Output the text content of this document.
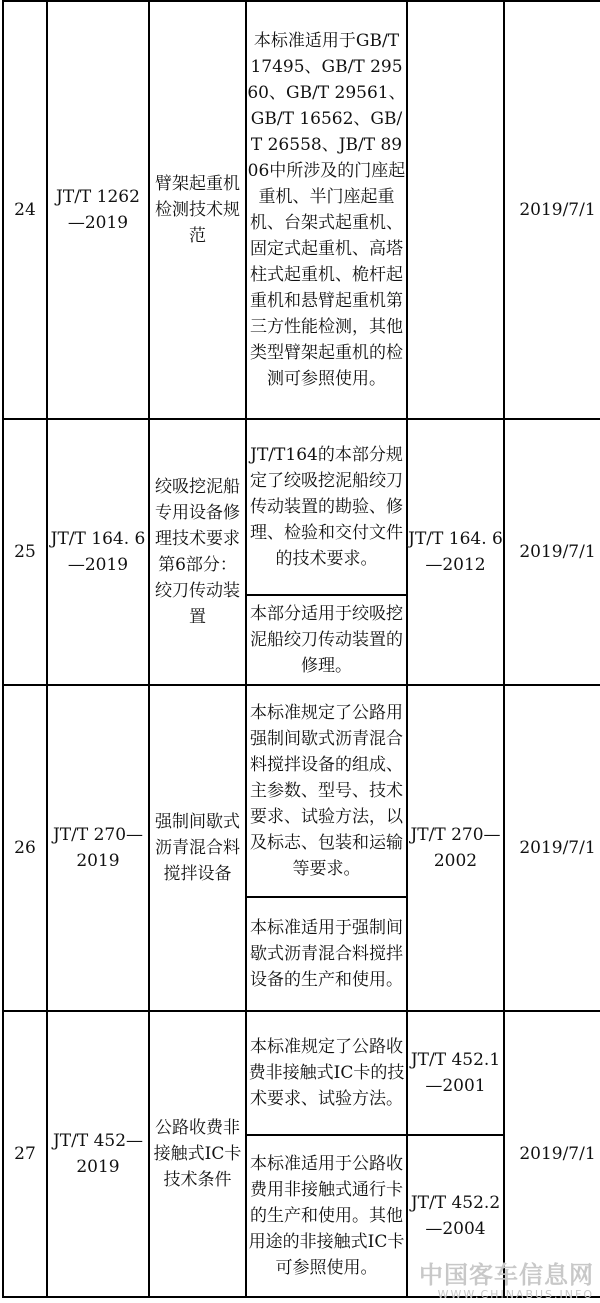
24	JT/T 1262—2019	臂架起重机检测技术规范	本标准适用于GB/T 17495、GB/T 29560、GB/T 29561、GB/T 16562、GB/T 26558、JB/T 8906中所涉及的门座起重机、半门座起重机、台架式起重机、固定式起重机、高塔柱式起重机、桅杆起重机和悬臂起重机第三方性能检测，其他类型臂架起重机的检测可参照使用。		2019/7/1
25	JT/T 164. 6—2019	绞吸挖泥船专用设备修理技术要求 第6部分：绞刀传动装置	JT/T164的本部分规定了绞吸挖泥船绞刀传动装置的勘验、修理、检验和交付文件的技术要求。	JT/T 164. 6—2012	2019/7/1
			本部分适用于绞吸挖泥船绞刀传动装置的修理。		
26	JT/T 270—2019	强制间歇式沥青混合料搅拌设备	本标准规定了公路用强制间歇式沥青混合料搅拌设备的组成、主参数、型号、技术要求、试验方法，以及标志、包装和运输等要求。	JT/T 270—2002	2019/7/1
			本标准适用于强制间歇式沥青混合料搅拌设备的生产和使用。		
27	JT/T 452—2019	公路收费非接触式IC卡技术条件	本标准规定了公路收费非接触式IC卡的技术要求、试验方法。	JT/T 452.1—2001	2019/7/1
			本标准适用于公路收费用非接触式通行卡的生产和使用。其他用途的非接触式IC卡可参照使用。	JT/T 452.2—2004	
中国客车信息网
WWW.CHINABUS.INFO
